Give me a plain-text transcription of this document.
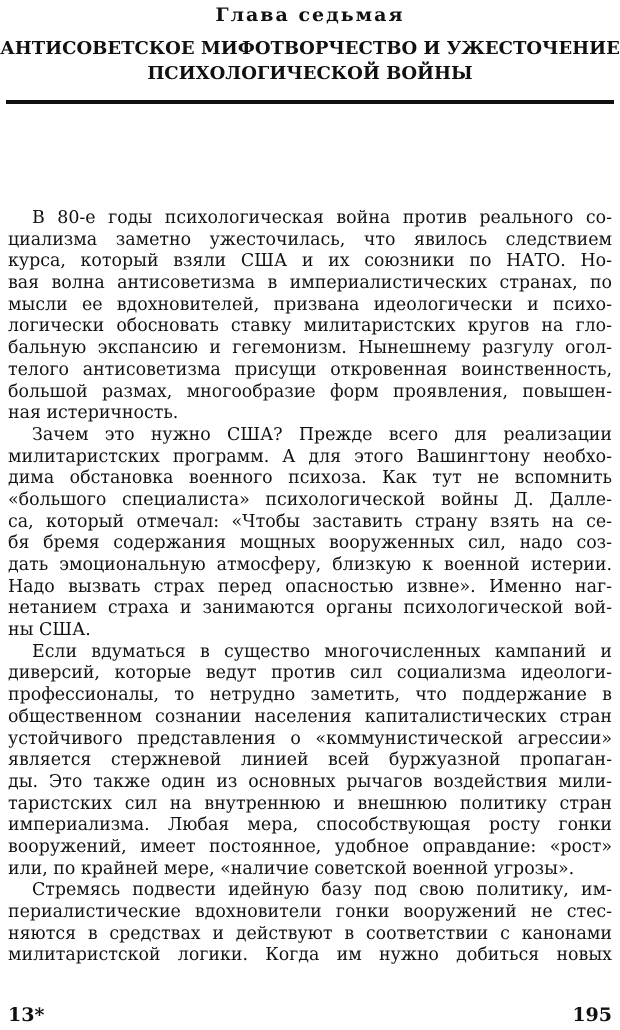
Глава седьмая
АНТИСОВЕТСКОЕ МИФОТВОРЧЕСТВО И УЖЕСТОЧЕНИЕ
ПСИХОЛОГИЧЕСКОЙ ВОЙНЫ
В 80-е годы психологическая война против реального со-
циализма заметно ужесточилась, что явилось следствием
курса, который взяли США и их союзники по НАТО. Но-
вая волна антисоветизма в империалистических странах, по
мысли ее вдохновителей, призвана идеологически и психо-
логически обосновать ставку милитаристских кругов на гло-
бальную экспансию и гегемонизм. Нынешнему разгулу огол-
телого антисоветизма присущи откровенная воинственность,
большой размах, многообразие форм проявления, повышен-
ная истеричность.
Зачем это нужно США? Прежде всего для реализации
милитаристских программ. А для этого Вашингтону необхо-
дима обстановка военного психоза. Как тут не вспомнить
«большого специалиста» психологической войны Д. Далле-
са, который отмечал: «Чтобы заставить страну взять на се-
бя бремя содержания мощных вооруженных сил, надо соз-
дать эмоциональную атмосферу, близкую к военной истерии.
Надо вызвать страх перед опасностью извне». Именно наг-
нетанием страха и занимаются органы психологической вой-
ны США.
Если вдуматься в существо многочисленных кампаний и
диверсий, которые ведут против сил социализма идеологи-
профессионалы, то нетрудно заметить, что поддержание в
общественном сознании населения капиталистических стран
устойчивого представления о «коммунистической агрессии»
является стержневой линией всей буржуазной пропаган-
ды. Это также один из основных рычагов воздействия мили-
таристских сил на внутреннюю и внешнюю политику стран
империализма. Любая мера, способствующая росту гонки
вооружений, имеет постоянное, удобное оправдание: «рост»
или, по крайней мере, «наличие советской военной угрозы».
Стремясь подвести идейную базу под свою политику, им-
периалистические вдохновители гонки вооружений не стес-
няются в средствах и действуют в соответствии с канонами
милитаристской логики. Когда им нужно добиться новых
13*	195
